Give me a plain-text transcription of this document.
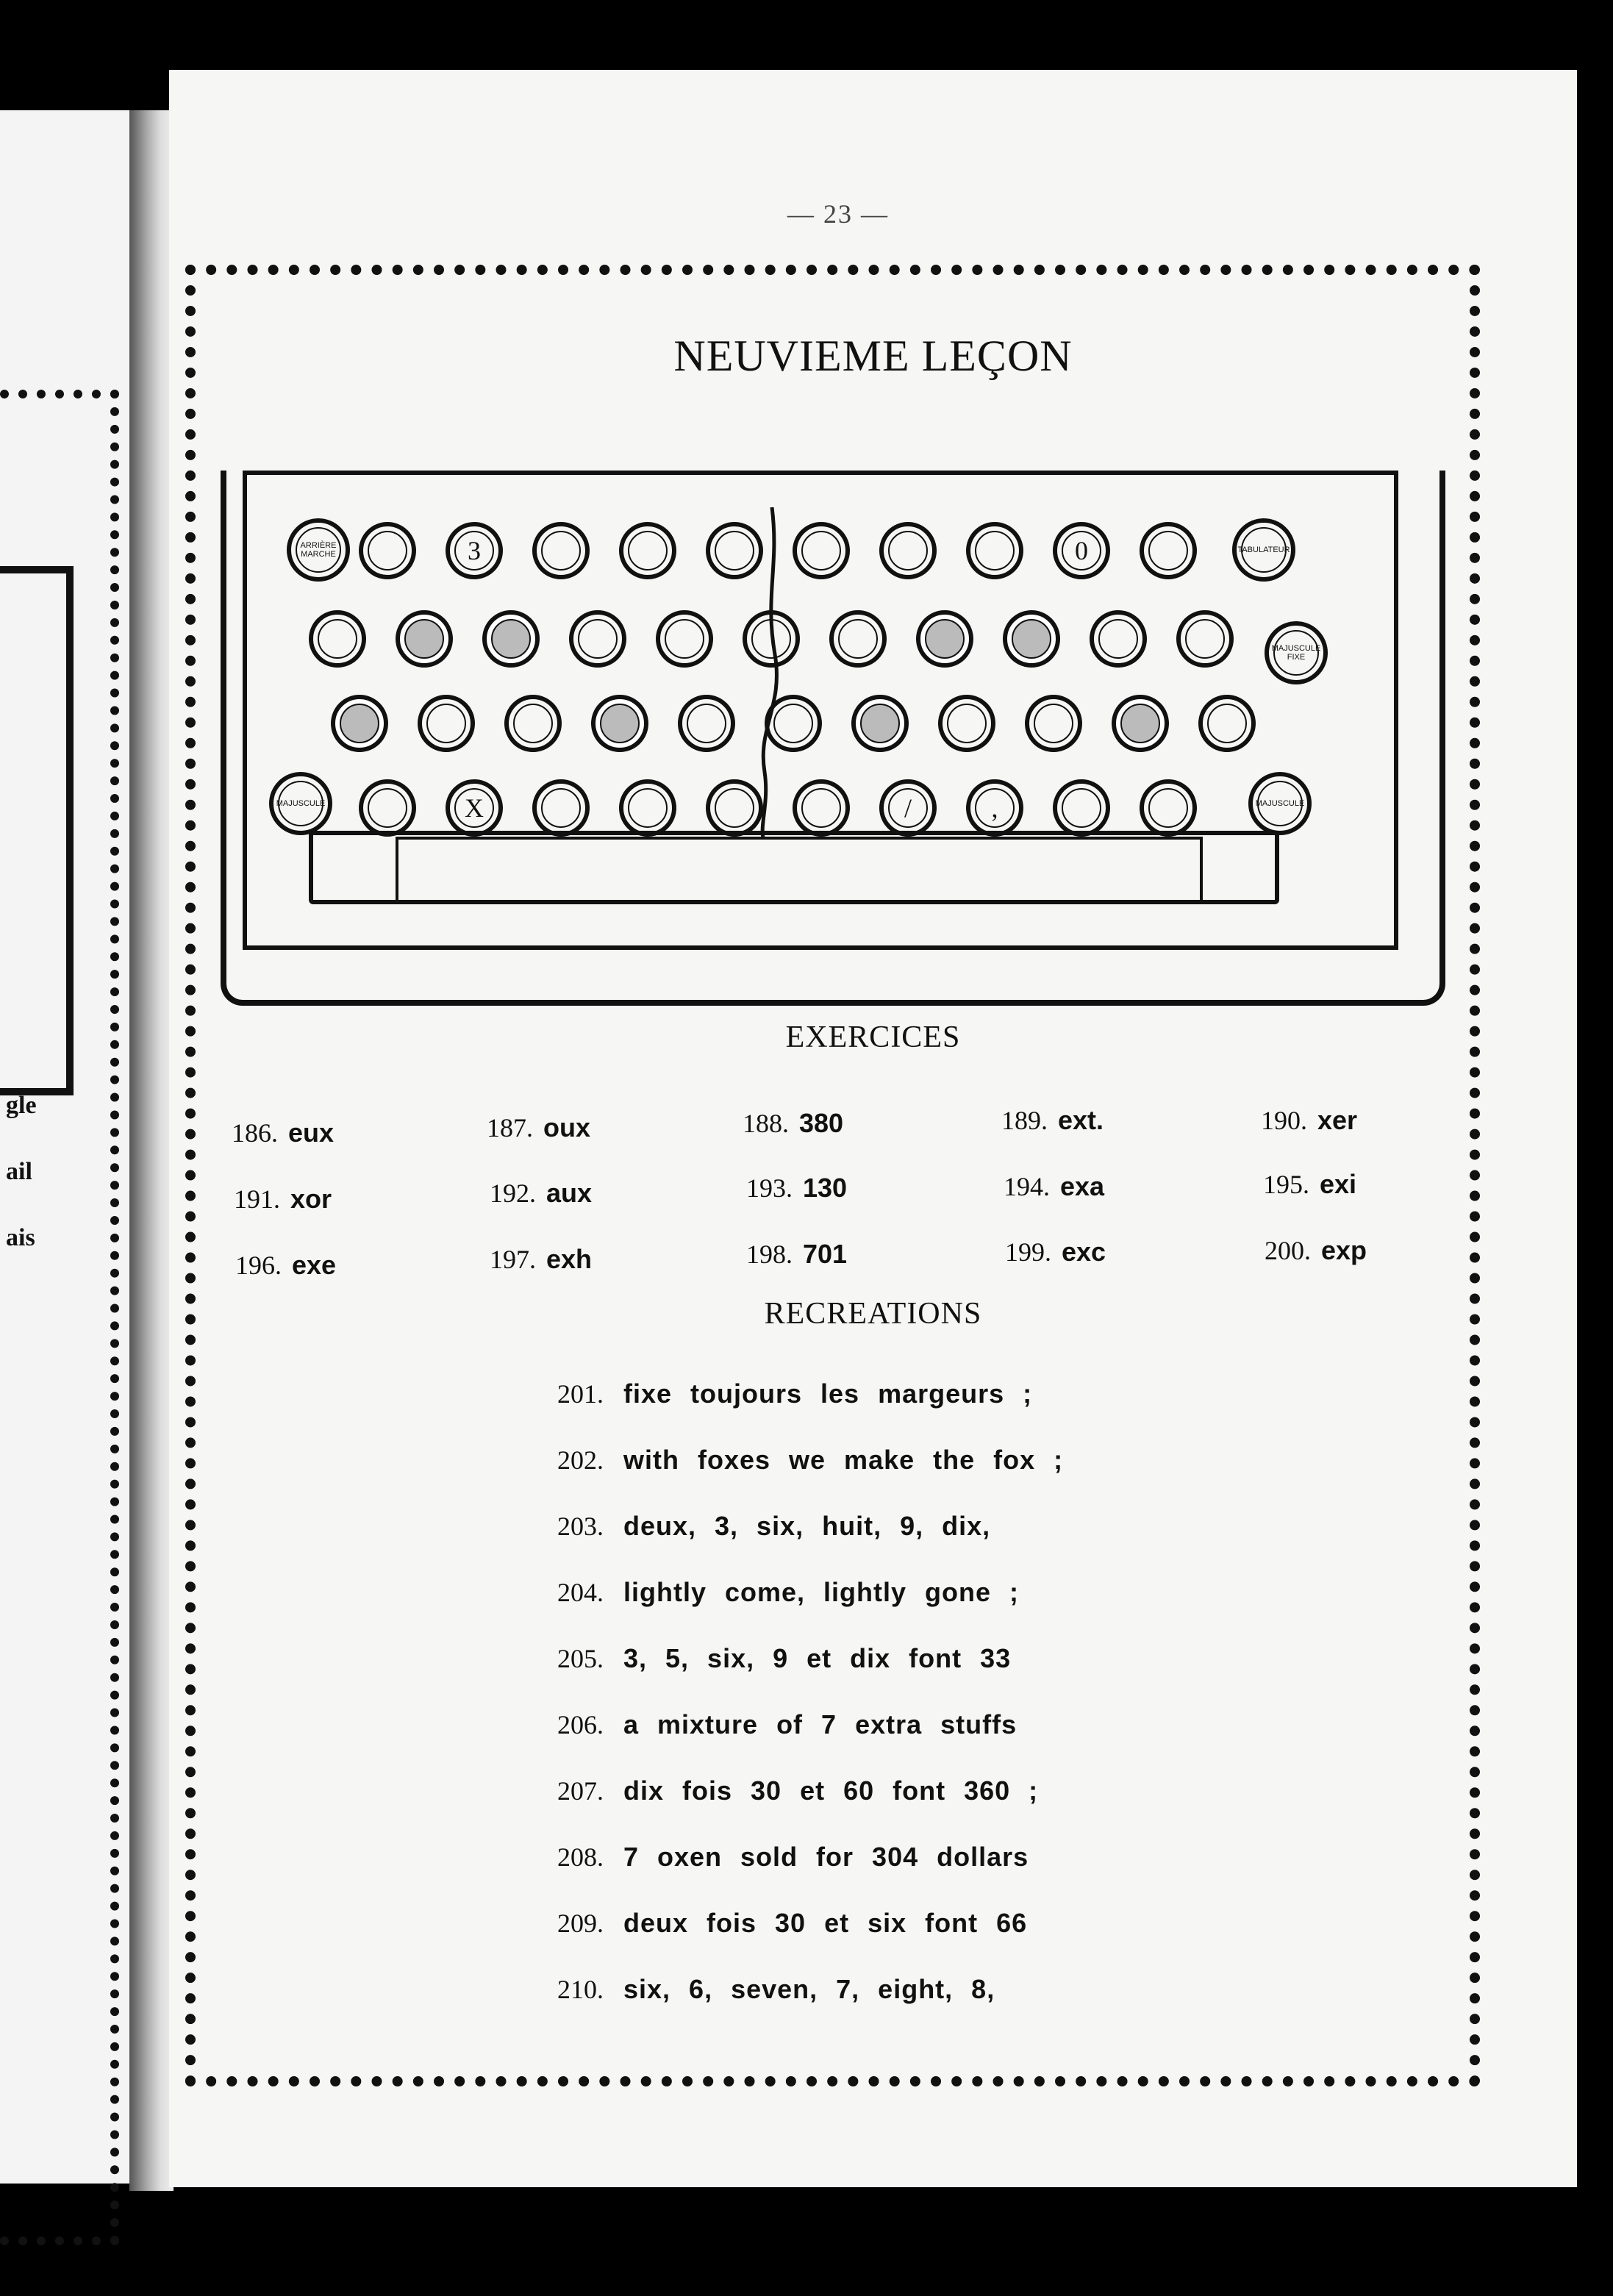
gle
ail
ais
— 23 —
NEUVIEME LEÇON
ARRIÈRE MARCHE	3	0	TABULATEUR
MAJUSCULE FIXE
MAJUSCULE	X	/	,	MAJUSCULE
EXERCICES
186. eux	187. oux	188. 380	189. ext.	190. xer
191. xor	192. aux	193. 130	194. exa	195. exi
196. exe	197. exh	198. 701	199. exc	200. exp
RECREATIONS
201. fixe toujours les margeurs ;
202. with foxes we make the fox ;
203. deux, 3, six, huit, 9, dix,
204. lightly come, lightly gone ;
205. 3, 5, six, 9 et dix font 33
206. a mixture of 7 extra stuffs
207. dix fois 30 et 60 font 360 ;
208. 7 oxen sold for 304 dollars
209. deux fois 30 et six font 66
210. six, 6, seven, 7, eight, 8,
